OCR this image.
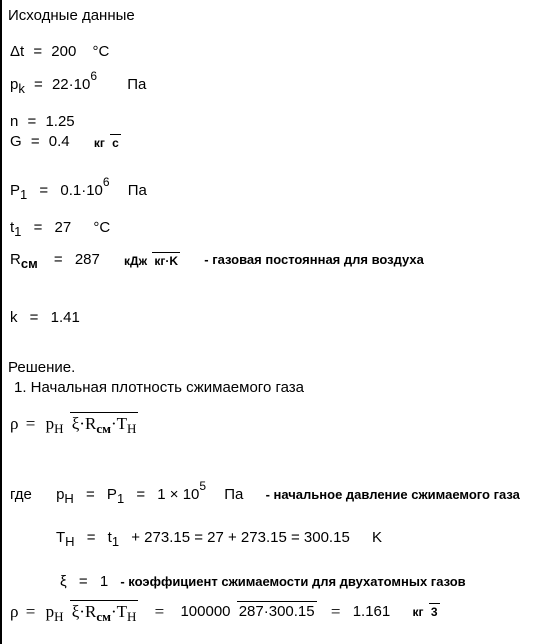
Исходные данные
Δt = 200 °C
$p_k = 22\cdot 10^6$ Па
n = 1.25
G = 0.4 кг с
$P_1 = 0.1\cdot 10^6$ Па
$t_1 = 27$ °C
$R_{см} = 287$ кДж кг·K - газовая постоянная для воздуха
k = 1.41
Решение.
1. Начальная плотность сжимаемого газа
$\rho = p_H$ $\xi\cdot R_{см}\cdot T_H$
где $p_H = P_1 = 1 \times 10^5$ Па - начальное давление сжимаемого газа
$T_H = t_1 + 273.15 = 27 + 273.15 = 300.15$ K
ξ = 1 - коэффициент сжимаемости для двухатомных газов
$\rho = p_H$ $\xi\cdot R_{см}\cdot T_H = 100000$ 287·300.15 = 1.161 кг 3
